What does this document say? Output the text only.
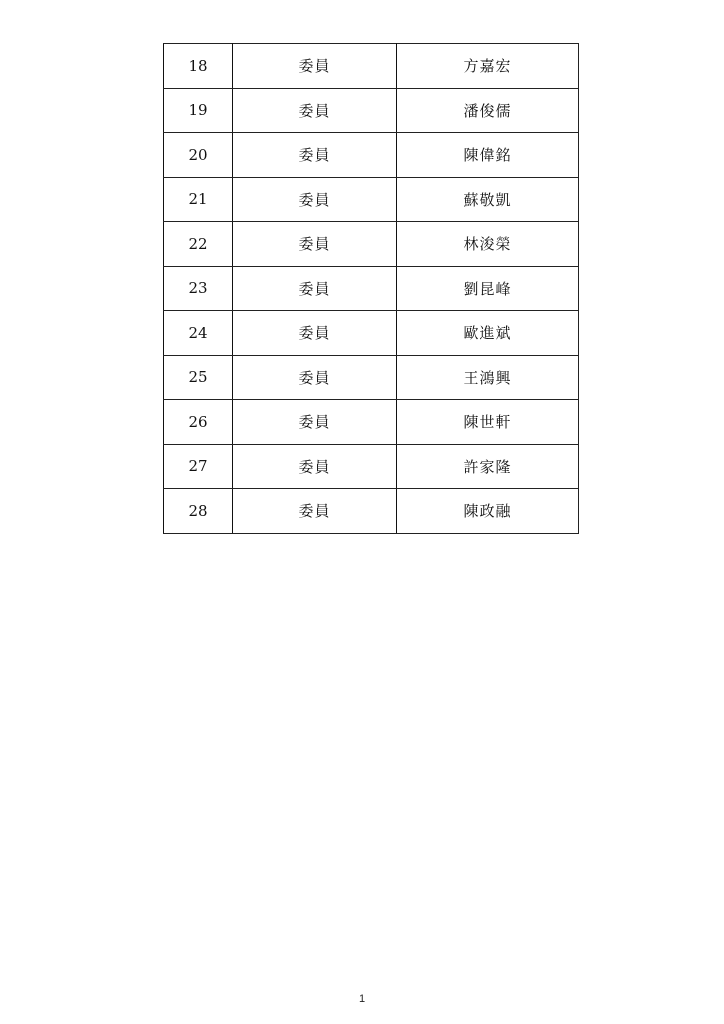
18	委員	方嘉宏
19	委員	潘俊儒
20	委員	陳偉銘
21	委員	蘇敬凱
22	委員	林浚榮
23	委員	劉昆峰
24	委員	歐進斌
25	委員	王鴻興
26	委員	陳世軒
27	委員	許家隆
28	委員	陳政融
1
